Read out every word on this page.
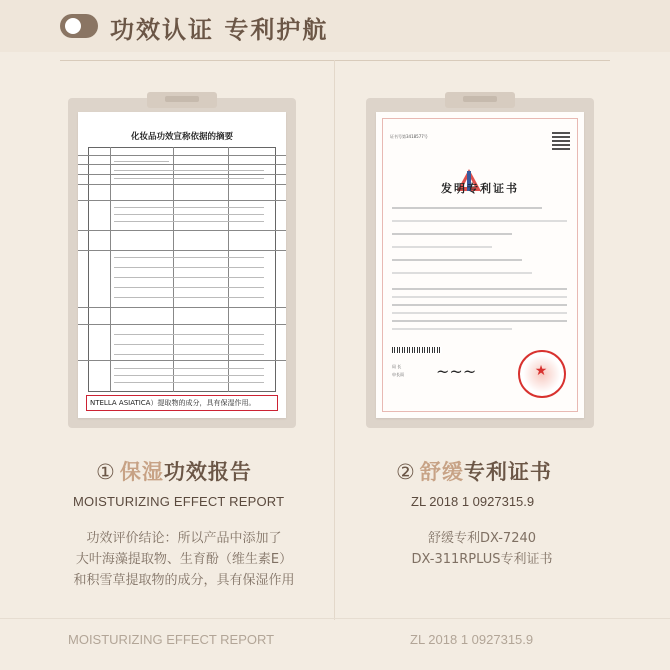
功效认证 专利护航
化妆品功效宣称依据的摘要
NTELLA ASIATICA）提取物的成分，具有保湿作用。
证书号第3418577号
发明专利证书
局 长
申长雨 ~~~	★
① 保湿功效报告
MOISTURIZING EFFECT REPORT
功效评价结论：所以产品中添加了
大叶海藻提取物、生育酚（维生素E）
和积雪草提取物的成分，具有保湿作用
MOISTURIZING EFFECT REPORT
② 舒缓专利证书
ZL 2018 1 0927315.9
舒缓专利DX-7240
DX-311RPLUS专利证书
ZL 2018 1 0927315.9
